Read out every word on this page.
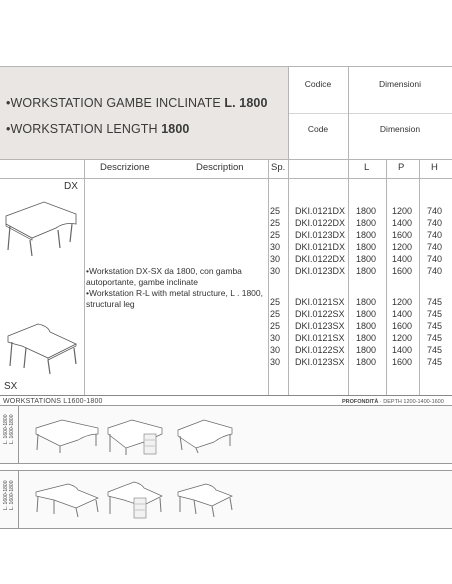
•WORKSTATION GAMBE INCLINATE L. 1800
•WORKSTATION LENGTH 1800
Codice	Dimensioni
Code	Dimension
Descrizione	Description	Sp.	L	P	H
DX
SX
•Workstation DX-SX da 1800, con gamba autoportante, gambe inclinate
•Workstation R-L with metal structure, L . 1800, structural leg
25 DKI.0121DX 1800 1200 740
25 DKI.0122DX 1800 1400 740
25 DKI.0123DX 1800 1600 740
30 DKI.0121DX 1800 1200 740
30 DKI.0122DX 1800 1400 740
30 DKI.0123DX 1800 1600 740
25 DKI.0121SX 1800 1200 745
25 DKI.0122SX 1800 1400 745
25 DKI.0123SX 1800 1600 745
30 DKI.0121SX 1800 1200 745
30 DKI.0122SX 1800 1400 745
30 DKI.0123SX 1800 1600 745
WORKSTATIONS L1600-1800	PROFONDITÀ · DEPTH 1200-1400-1600
L. 1600-1800 L. 1600-1800
L. 1600-1800 L. 1600-1800
